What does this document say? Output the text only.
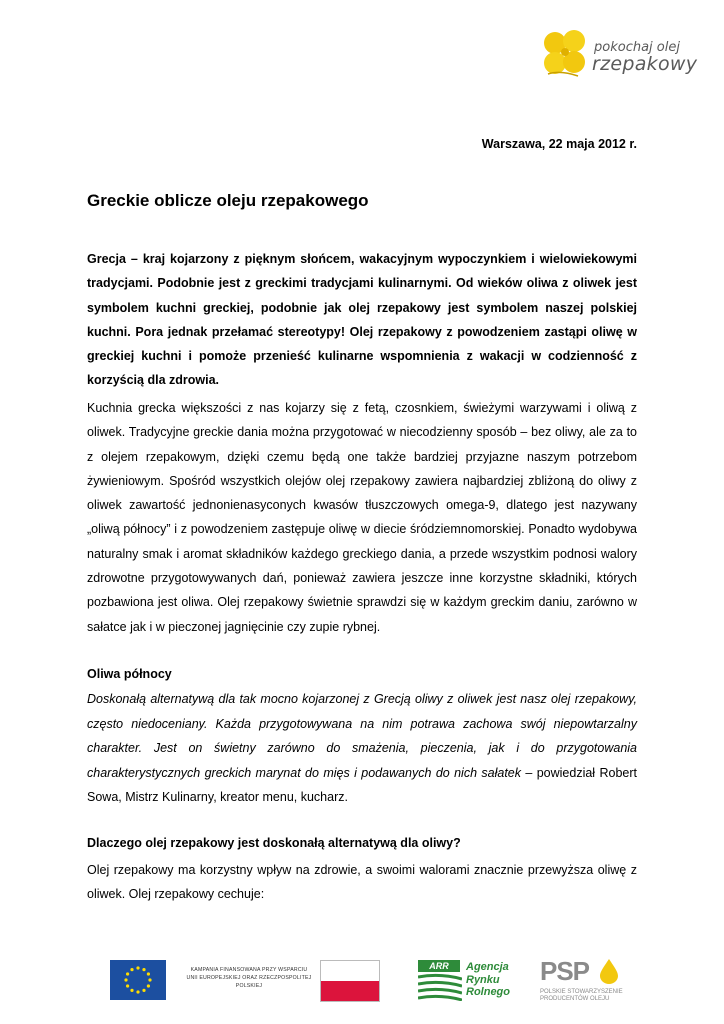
pokochaj olej
rzepakowy
Warszawa, 22 maja 2012 r.
Greckie oblicze oleju rzepakowego

Grecja – kraj kojarzony z pięknym słońcem, wakacyjnym wypoczynkiem i wielowiekowymi tradycjami. Podobnie jest z greckimi tradycjami kulinarnymi. Od wieków oliwa z oliwek jest symbolem kuchni greckiej, podobnie jak olej rzepakowy jest symbolem naszej polskiej kuchni. Pora jednak przełamać stereotypy! Olej rzepakowy z powodzeniem zastąpi oliwę w greckiej kuchni i pomoże przenieść kulinarne wspomnienia z wakacji w codzienność z korzyścią dla zdrowia.

Kuchnia grecka większości z nas kojarzy się z fetą, czosnkiem, świeżymi warzywami i oliwą z oliwek. Tradycyjne greckie dania można przygotować w niecodzienny sposób – bez oliwy, ale za to z olejem rzepakowym, dzięki czemu będą one także bardziej przyjazne naszym potrzebom żywieniowym. Spośród wszystkich olejów olej rzepakowy zawiera najbardziej zbliżoną do oliwy z oliwek zawartość jednonienasyconych kwasów tłuszczowych omega-9, dlatego jest nazywany „oliwą północy” i z powodzeniem zastępuje oliwę w diecie śródziemnomorskiej. Ponadto wydobywa naturalny smak i aromat składników każdego greckiego dania, a przede wszystkim podnosi walory zdrowotne przygotowywanych dań, ponieważ zawiera jeszcze inne korzystne składniki, których pozbawiona jest oliwa. Olej rzepakowy świetnie sprawdzi się w każdym greckim daniu, zarówno w sałatce jak i w pieczonej jagnięcinie czy zupie rybnej.

Oliwa północy

Doskonałą alternatywą dla tak mocno kojarzonej z Grecją oliwy z oliwek jest nasz olej rzepakowy, często niedoceniany. Każda przygotowywana na nim potrawa zachowa swój niepowtarzalny charakter. Jest on świetny zarówno do smażenia, pieczenia, jak i do przygotowania charakterystycznych greckich marynat do mięs i podawanych do nich sałatek – powiedział Robert Sowa, Mistrz Kulinarny, kreator menu, kucharz.

Dlaczego olej rzepakowy jest doskonałą alternatywą dla oliwy?

Olej rzepakowy ma korzystny wpływ na zdrowie, a swoimi walorami znacznie przewyższa oliwę z oliwek. Olej rzepakowy cechuje:

KAMPANIA FINANSOWANA PRZY WSPARCIU UNII EUROPEJSKIEJ ORAZ RZECZPOSPOLITEJ POLSKIEJ
ARR	Agencja
Rynku
Rolnego
PSP
POLSKIE STOWARZYSZENIE
PRODUCENTÓW OLEJU
